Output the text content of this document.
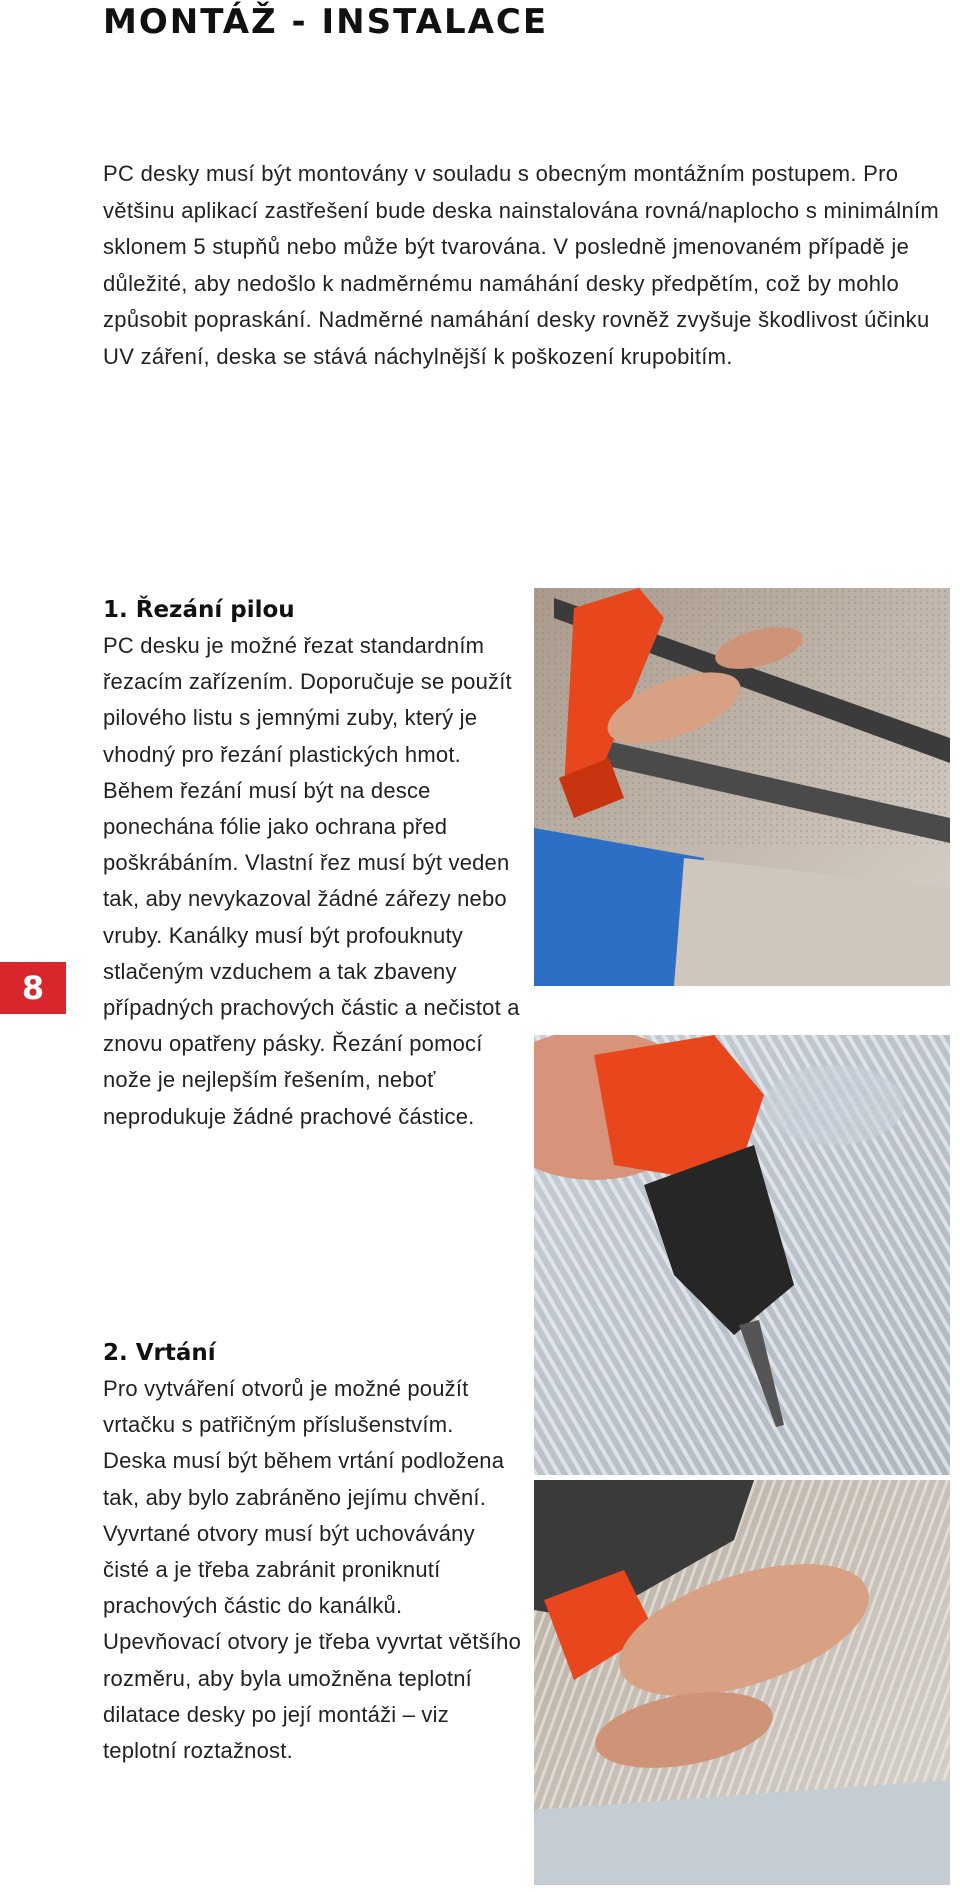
MONTÁŽ - INSTALACE

PC desky musí být montovány v souladu s obecným montážním postupem. Pro většinu aplikací zastřešení bude deska nainstalována rovná/naplocho s minimálním sklonem 5 stupňů nebo může být tvarována. V posledně jmenovaném případě je důležité, aby nedošlo k nadměrnému namáhání desky předpětím, což by mohlo způsobit popraskání. Nadměrné namáhání desky rovněž zvyšuje škodlivost účinku UV záření, deska se stává náchylnější k poškození krupobitím.

1. Řezání pilou

PC desku je možné řezat standardním řezacím zařízením. Doporučuje se použít pilového listu s jemnými zuby, který je vhodný pro řezání plastických hmot. Během řezání musí být na desce ponechána fólie jako ochrana před poškrábáním. Vlastní řez musí být veden tak, aby nevykazoval žádné zářezy nebo vruby. Kanálky musí být profouknuty stlačeným vzduchem a tak zbaveny případných prachových částic a nečistot a znovu opatřeny pásky. Řezání pomocí nože je nejlepším řešením, neboť neprodukuje žádné prachové částice.

2. Vrtání

Pro vytváření otvorů je možné použít vrtačku s patřičným příslušenstvím. Deska musí být během vrtání podložena tak, aby bylo zabráněno jejímu chvění. Vyvrtané otvory musí být uchovávány čisté a je třeba zabránit proniknutí prachových částic do kanálků. Upevňovací otvory je třeba vyvrtat většího rozměru, aby byla umožněna teplotní dilatace desky po její montáži – viz teplotní roztažnost.

8
